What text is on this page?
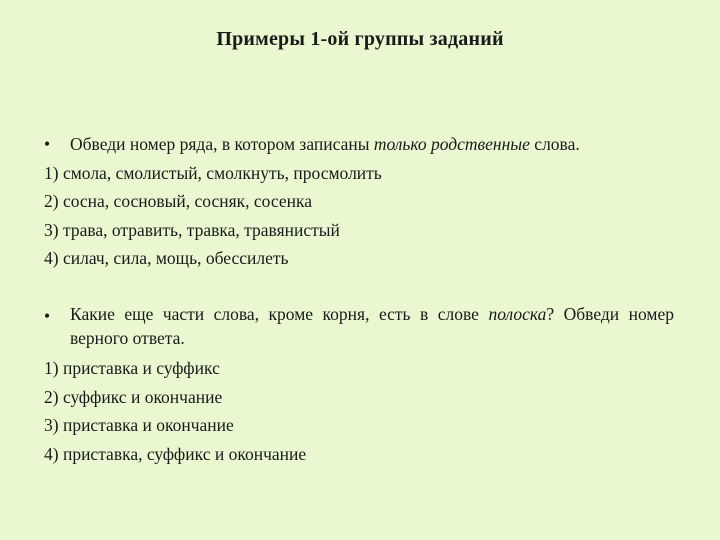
Примеры 1-ой группы заданий
•	Обведи номер ряда, в котором записаны только родственные слова.
1) смола, смолистый, смолкнуть, просмолить
2) сосна, сосновый, сосняк, сосенка
3) трава, отравить, травка, травянистый
4) силач, сила, мощь, обессилеть
•	Какие еще части слова, кроме корня, есть в слове полоска? Обведи номер верного ответа.
1) приставка и суффикс
2) суффикс и окончание
3) приставка и окончание
4) приставка, суффикс и окончание
